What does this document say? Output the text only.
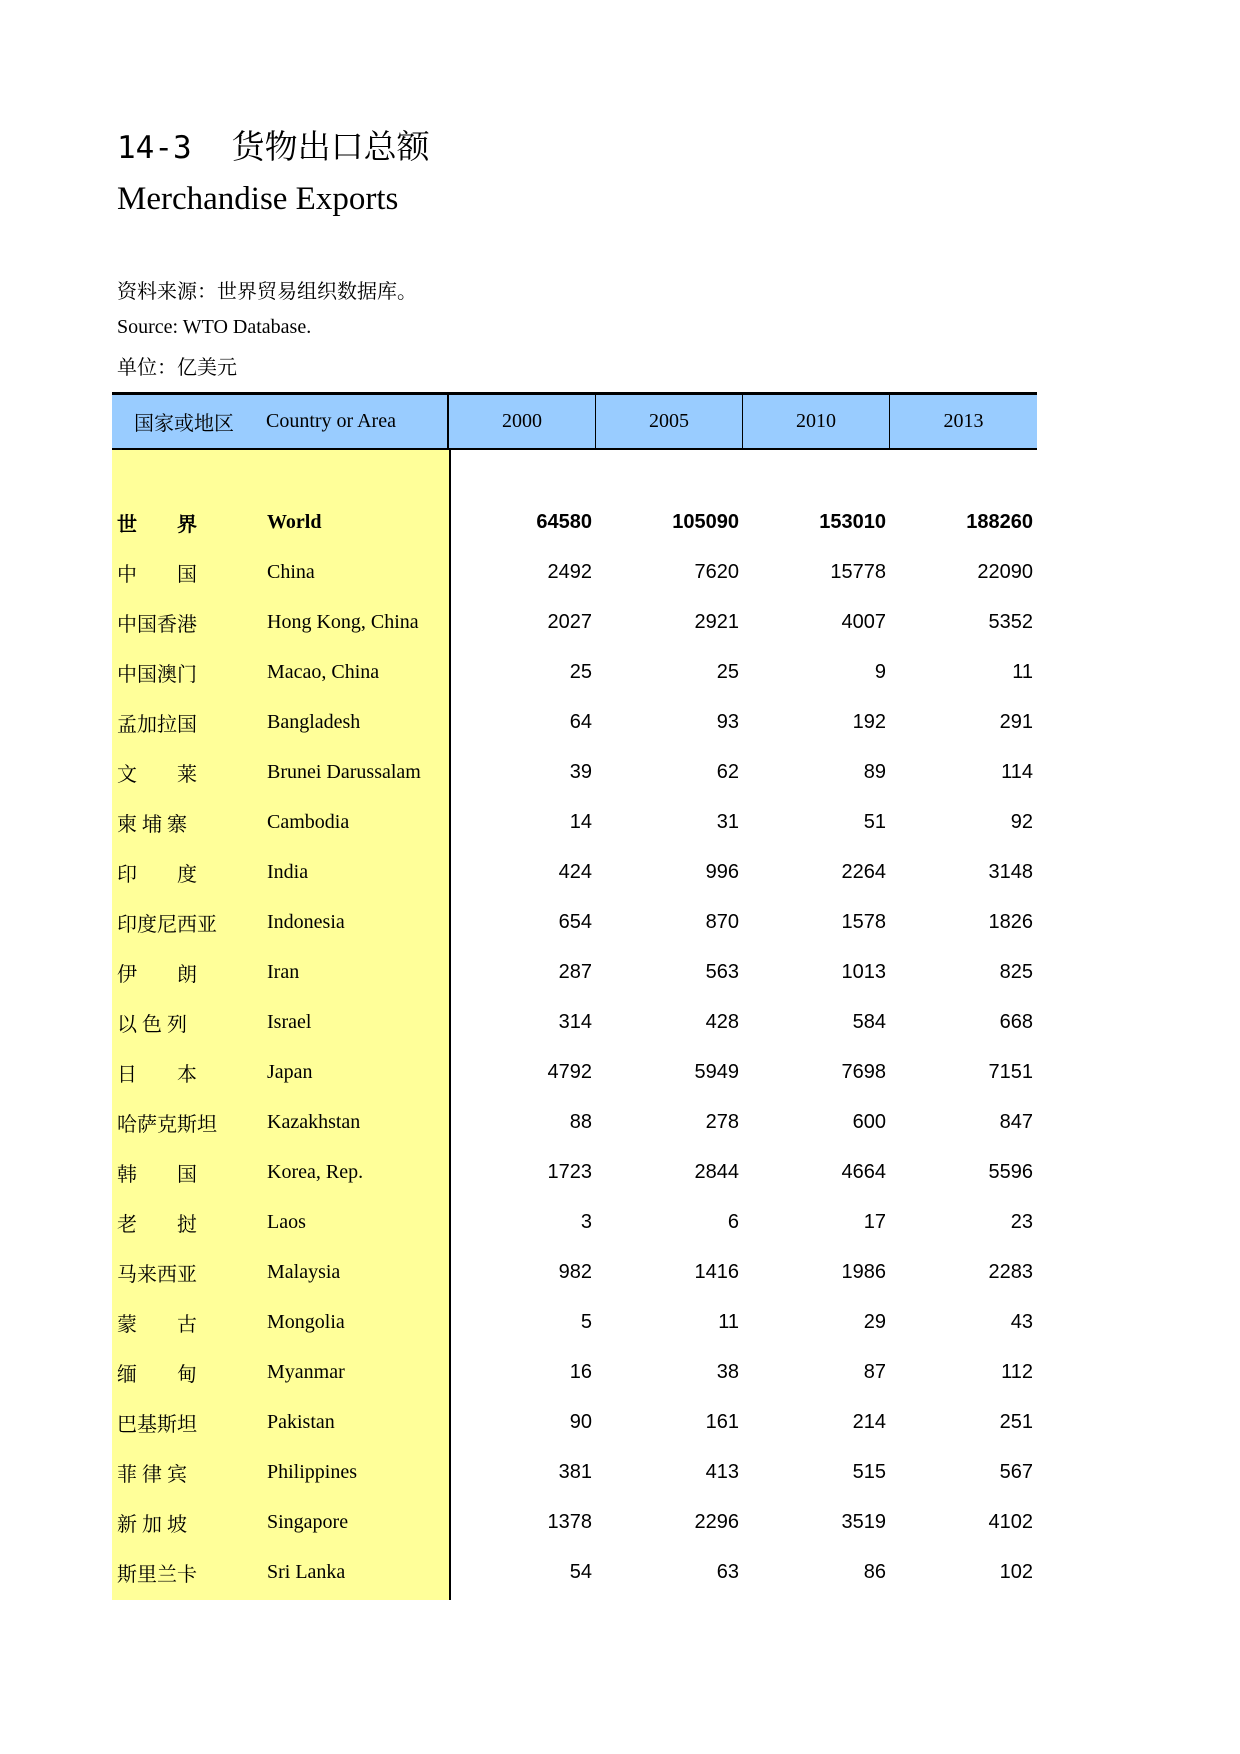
14-3 货物出口总额
Merchandise Exports
资料来源：世界贸易组织数据库。
Source: WTO Database.
单位：亿美元
国家或地区	Country or Area	2000	2005	2010	2013
世　　界	World	64580	105090	153010	188260
中　　国	China	2492	7620	15778	22090
中国香港	Hong Kong, China	2027	2921	4007	5352
中国澳门	Macao, China	25	25	9	11
孟加拉国	Bangladesh	64	93	192	291
文　　莱	Brunei Darussalam	39	62	89	114
柬 埔 寨	Cambodia	14	31	51	92
印　　度	India	424	996	2264	3148
印度尼西亚	Indonesia	654	870	1578	1826
伊　　朗	Iran	287	563	1013	825
以 色 列	Israel	314	428	584	668
日　　本	Japan	4792	5949	7698	7151
哈萨克斯坦	Kazakhstan	88	278	600	847
韩　　国	Korea, Rep.	1723	2844	4664	5596
老　　挝	Laos	3	6	17	23
马来西亚	Malaysia	982	1416	1986	2283
蒙　　古	Mongolia	5	11	29	43
缅　　甸	Myanmar	16	38	87	112
巴基斯坦	Pakistan	90	161	214	251
菲 律 宾	Philippines	381	413	515	567
新 加 坡	Singapore	1378	2296	3519	4102
斯里兰卡	Sri Lanka	54	63	86	102
